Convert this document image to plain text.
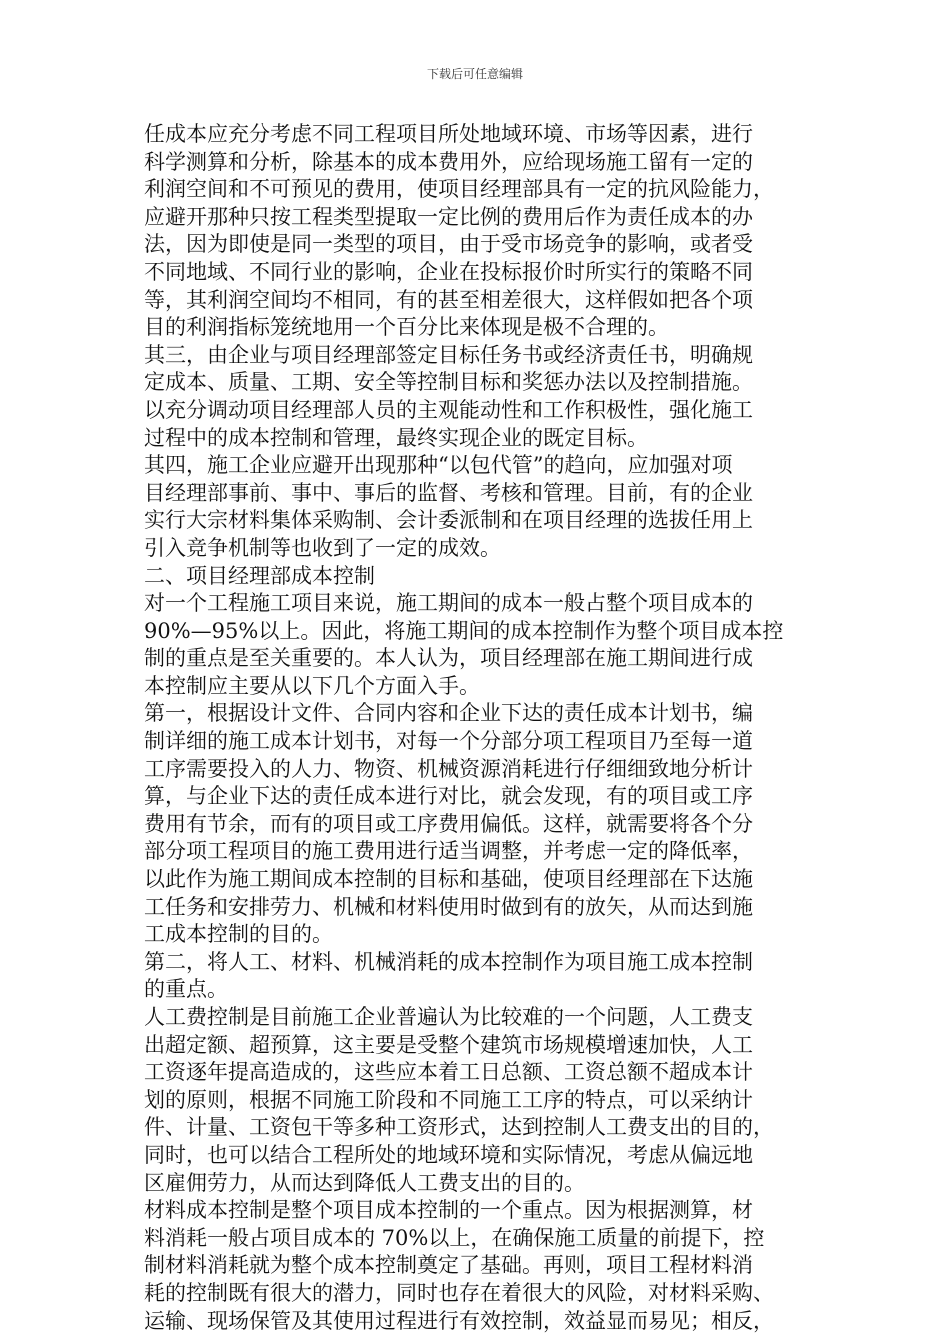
下载后可任意编辑

任成本应充分考虑不同工程项目所处地域环境、市场等因素，进行

科学测算和分析，除基本的成本费用外，应给现场施工留有一定的

利润空间和不可预见的费用，使项目经理部具有一定的抗风险能力，

应避开那种只按工程类型提取一定比例的费用后作为责任成本的办

法，因为即使是同一类型的项目，由于受市场竞争的影响，或者受

不同地域、不同行业的影响，企业在投标报价时所实行的策略不同

等，其利润空间均不相同，有的甚至相差很大，这样假如把各个项

目的利润指标笼统地用一个百分比来体现是极不合理的。

其三，由企业与项目经理部签定目标任务书或经济责任书，明确规

定成本、质量、工期、安全等控制目标和奖惩办法以及控制措施。

以充分调动项目经理部人员的主观能动性和工作积极性，强化施工

过程中的成本控制和管理，最终实现企业的既定目标。

其四，施工企业应避开出现那种“以包代管”的趋向，应加强对项

目经理部事前、事中、事后的监督、考核和管理。目前，有的企业

实行大宗材料集体采购制、会计委派制和在项目经理的选拔任用上

引入竞争机制等也收到了一定的成效。

二、项目经理部成本控制

对一个工程施工项目来说，施工期间的成本一般占整个项目成本的

90%—95%以上。因此，将施工期间的成本控制作为整个项目成本控

制的重点是至关重要的。本人认为，项目经理部在施工期间进行成

本控制应主要从以下几个方面入手。

第一，根据设计文件、合同内容和企业下达的责任成本计划书，编

制详细的施工成本计划书，对每一个分部分项工程项目乃至每一道

工序需要投入的人力、物资、机械资源消耗进行仔细细致地分析计

算，与企业下达的责任成本进行对比，就会发现，有的项目或工序

费用有节余，而有的项目或工序费用偏低。这样，就需要将各个分

部分项工程项目的施工费用进行适当调整，并考虑一定的降低率，

以此作为施工期间成本控制的目标和基础，使项目经理部在下达施

工任务和安排劳力、机械和材料使用时做到有的放矢，从而达到施

工成本控制的目的。

第二，将人工、材料、机械消耗的成本控制作为项目施工成本控制

的重点。

人工费控制是目前施工企业普遍认为比较难的一个问题，人工费支

出超定额、超预算，这主要是受整个建筑市场规模增速加快，人工

工资逐年提高造成的，这些应本着工日总额、工资总额不超成本计

划的原则，根据不同施工阶段和不同施工工序的特点，可以采纳计

件、计量、工资包干等多种工资形式，达到控制人工费支出的目的，

同时，也可以结合工程所处的地域环境和实际情况，考虑从偏远地

区雇佣劳力，从而达到降低人工费支出的目的。

材料成本控制是整个项目成本控制的一个重点。因为根据测算，材

料消耗一般占项目成本的 70%以上，在确保施工质量的前提下，控

制材料消耗就为整个成本控制奠定了基础。再则，项目工程材料消

耗的控制既有很大的潜力，同时也存在着很大的风险，对材料采购、

运输、现场保管及其使用过程进行有效控制，效益显而易见；相反，
